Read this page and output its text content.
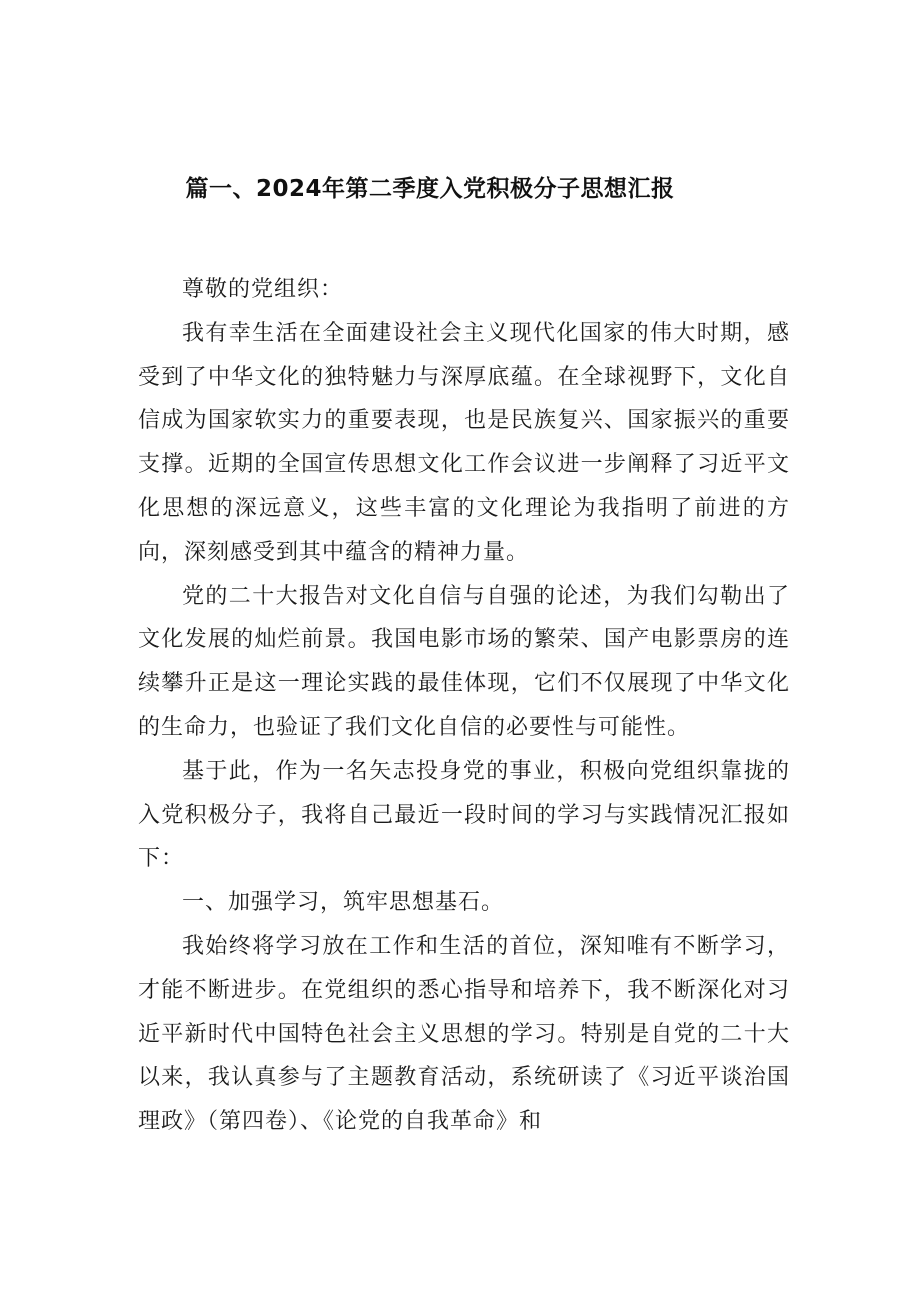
篇一、2024年第二季度入党积极分子思想汇报

尊敬的党组织：

我有幸生活在全面建设社会主义现代化国家的伟大时期，感受到了中华文化的独特魅力与深厚底蕴。在全球视野下，文化自信成为国家软实力的重要表现，也是民族复兴、国家振兴的重要支撑。近期的全国宣传思想文化工作会议进一步阐释了习近平文化思想的深远意义，这些丰富的文化理论为我指明了前进的方向，深刻感受到其中蕴含的精神力量。

党的二十大报告对文化自信与自强的论述，为我们勾勒出了文化发展的灿烂前景。我国电影市场的繁荣、国产电影票房的连续攀升正是这一理论实践的最佳体现，它们不仅展现了中华文化的生命力，也验证了我们文化自信的必要性与可能性。

基于此，作为一名矢志投身党的事业，积极向党组织靠拢的入党积极分子，我将自己最近一段时间的学习与实践情况汇报如下：

一、加强学习，筑牢思想基石。

我始终将学习放在工作和生活的首位，深知唯有不断学习，才能不断进步。在党组织的悉心指导和培养下，我不断深化对习近平新时代中国特色社会主义思想的学习。特别是自党的二十大以来，我认真参与了主题教育活动，系统研读了《习近平谈治国理政》（第四卷）、《论党的自我革命》和
